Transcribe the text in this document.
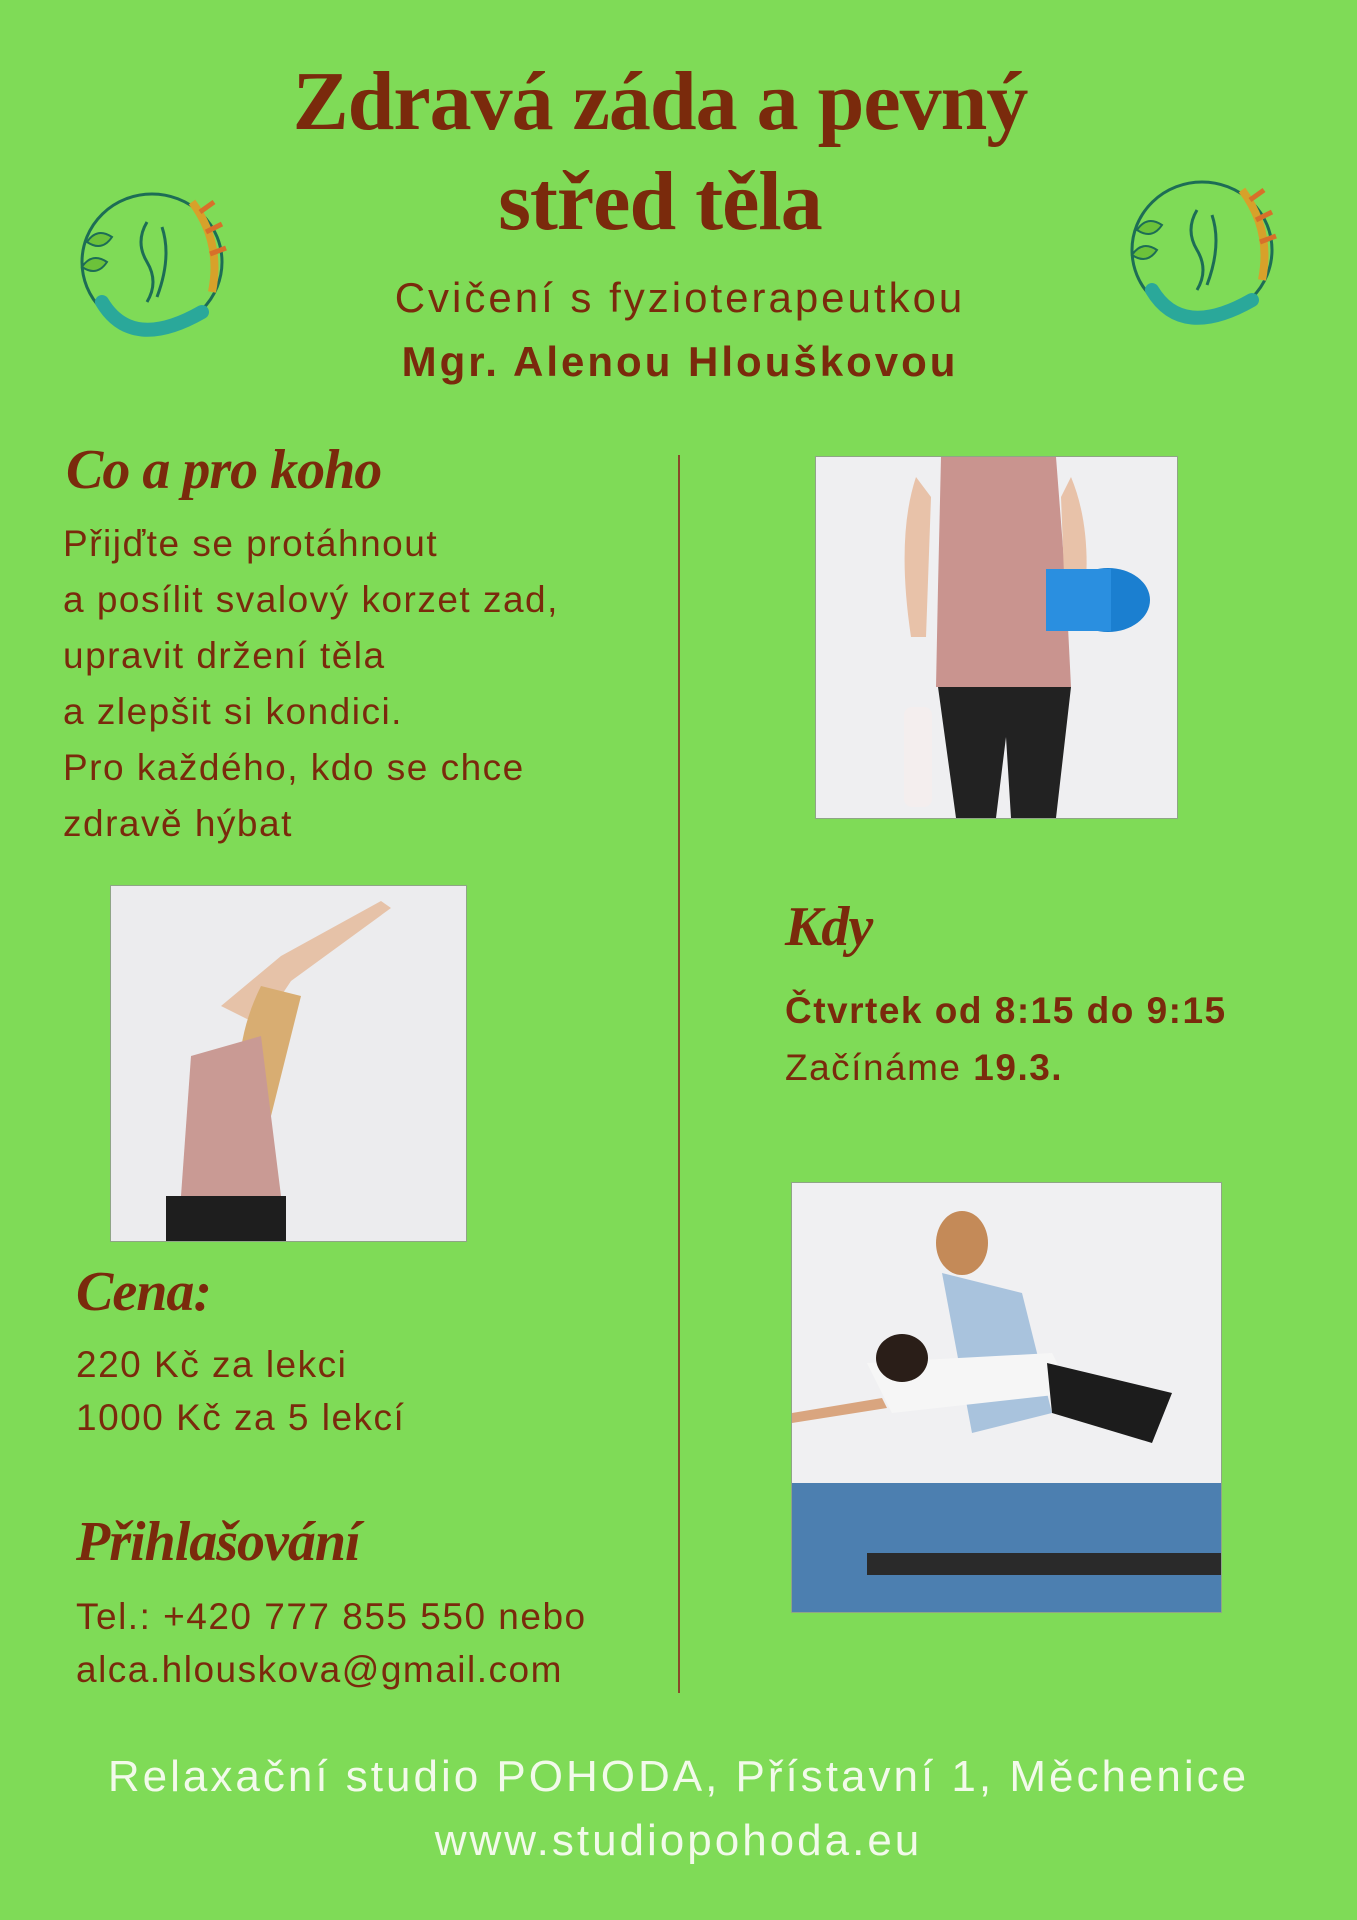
Zdravá záda a pevný
střed těla
Cvičení s fyzioterapeutkou
Mgr. Alenou Hlouškovou
Co a pro koho
Přijďte se protáhnout
a posílit svalový korzet zad,
upravit držení těla
a zlepšit si kondici.
Pro každého, kdo se chce
zdravě hýbat
Kdy
Čtvrtek od 8:15 do 9:15
Začínáme 19.3.
Cena:
220 Kč za lekci
1000 Kč za 5 lekcí
Přihlašování
Tel.: +420 777 855 550 nebo
alca.hlouskova@gmail.com
Relaxační studio POHODA, Přístavní 1, Měchenice
www.studiopohoda.eu
